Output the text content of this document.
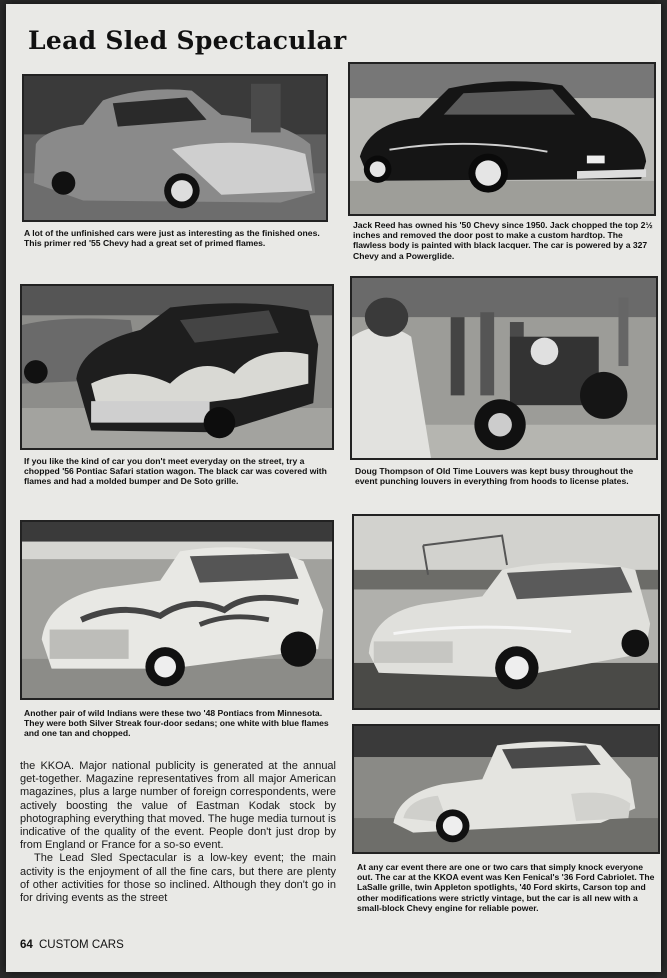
Lead Sled Spectacular
A lot of the unfinished cars were just as interesting as the finished ones. This primer red '55 Chevy had a great set of primed flames.
Jack Reed has owned his '50 Chevy since 1950. Jack chopped the top 2½ inches and removed the door post to make a custom hardtop. The flawless body is painted with black lacquer. The car is powered by a 327 Chevy and a Powerglide.
If you like the kind of car you don't meet everyday on the street, try a chopped '56 Pontiac Safari station wagon. The black car was covered with flames and had a molded bumper and De Soto grille.
Doug Thompson of Old Time Louvers was kept busy throughout the event punching louvers in everything from hoods to license plates.
Another pair of wild Indians were these two '48 Pontiacs from Minnesota. They were both Silver Streak four-door sedans; one white with blue flames and one tan and chopped.
At any car event there are one or two cars that simply knock everyone out. The car at the KKOA event was Ken Fenical's '36 Ford Cabriolet. The LaSalle grille, twin Appleton spotlights, '40 Ford skirts, Carson top and other modifications were strictly vintage, but the car is all new with a small-block Chevy engine for reliable power.

the KKOA. Major national publicity is generated at the annual get-together. Magazine representatives from all major American magazines, plus a large number of foreign correspondents, were actively boosting the value of Eastman Kodak stock by photographing everything that moved. The huge media turnout is indicative of the quality of the event. People don't just drop by from England or France for a so-so event.

The Lead Sled Spectacular is a low-key event; the main activity is the enjoyment of all the fine cars, but there are plenty of other activities for those so inclined. Although they don't go in for driving events as the street

64 CUSTOM CARS
